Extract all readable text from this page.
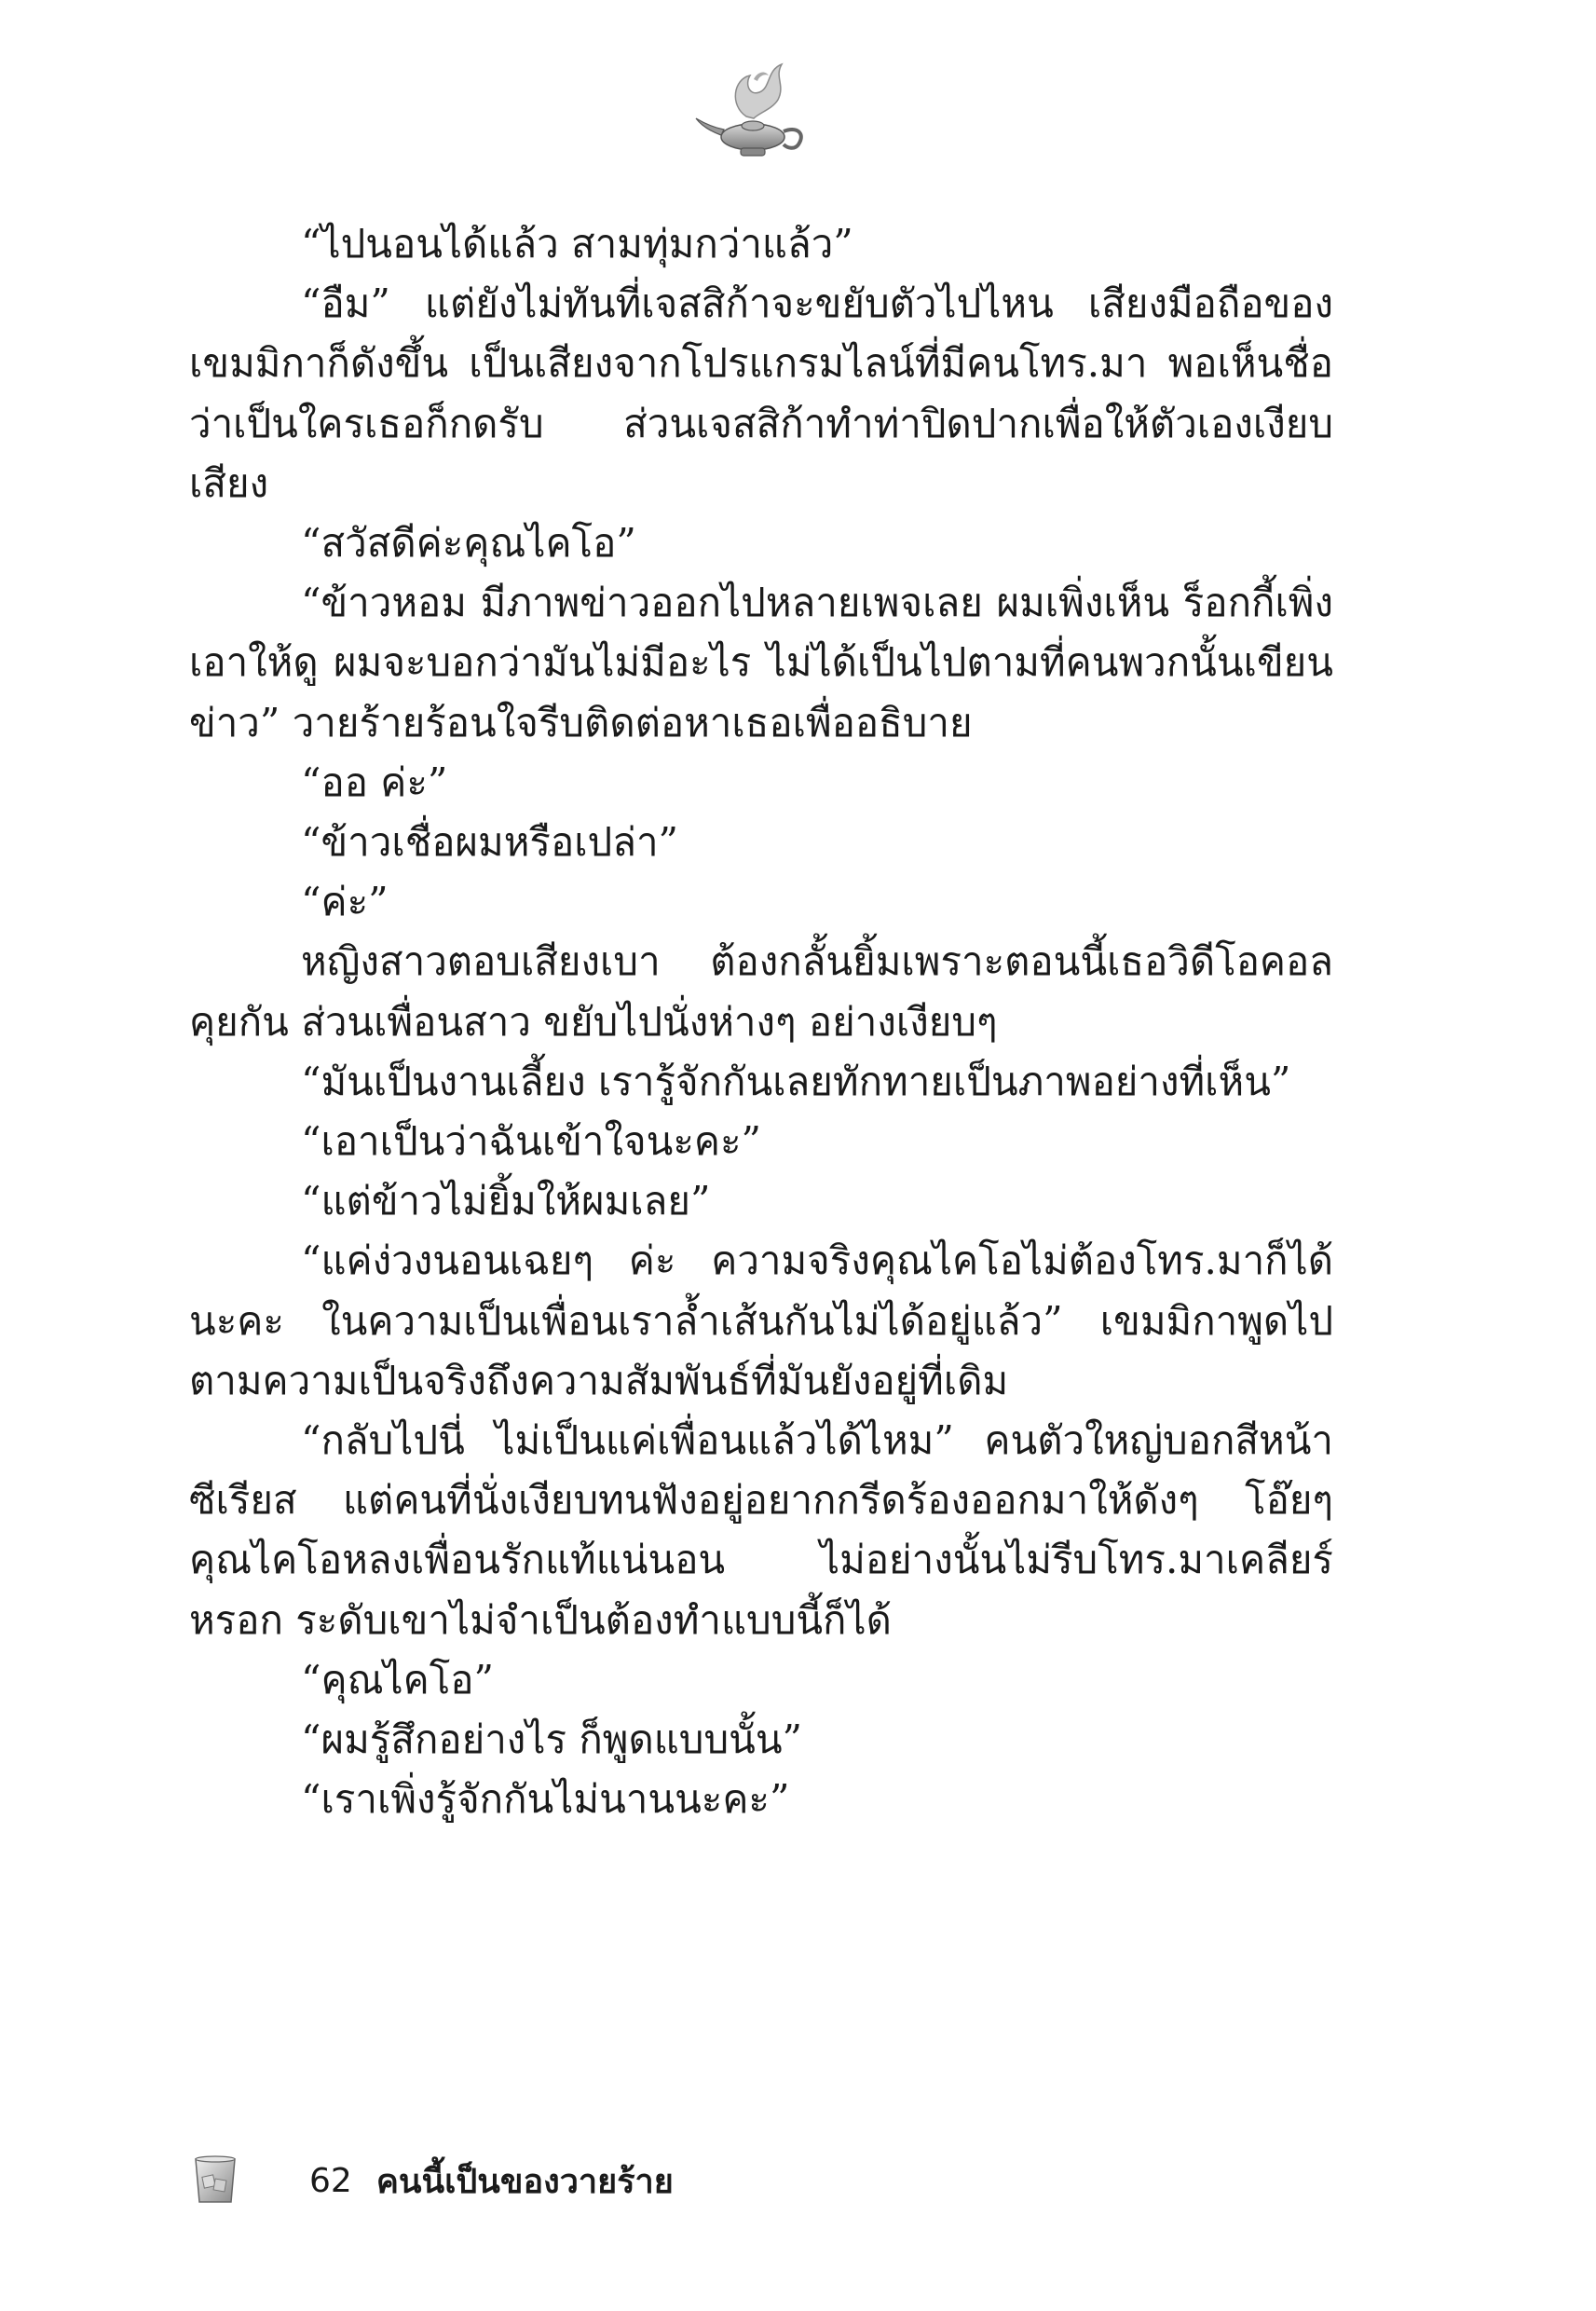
“ไปนอนได้แล้ว สามทุ่มกว่าแล้ว”

“อืม” แต่ยังไม่ทันที่เจสสิก้าจะขยับตัวไปไหน เสียงมือถือของเขมมิกาก็ดังขึ้น เป็นเสียงจากโปรแกรมไลน์ที่มีคนโทร.มา พอเห็นชื่อว่าเป็นใครเธอก็กดรับ ส่วนเจสสิก้าทำท่าปิดปากเพื่อให้ตัวเองเงียบเสียง

“สวัสดีค่ะคุณไคโอ”

“ข้าวหอม มีภาพข่าวออกไปหลายเพจเลย ผมเพิ่งเห็น ร็อกกี้เพิ่งเอาให้ดู ผมจะบอกว่ามันไม่มีอะไร ไม่ได้เป็นไปตามที่คนพวกนั้นเขียนข่าว” วายร้ายร้อนใจรีบติดต่อหาเธอเพื่ออธิบาย

“ออ ค่ะ”

“ข้าวเชื่อผมหรือเปล่า”

“ค่ะ”

หญิงสาวตอบเสียงเบา ต้องกลั้นยิ้มเพราะตอนนี้เธอวิดีโอคอลคุยกัน ส่วนเพื่อนสาว ขยับไปนั่งห่างๆ อย่างเงียบๆ

“มันเป็นงานเลี้ยง เรารู้จักกันเลยทักทายเป็นภาพอย่างที่เห็น”

“เอาเป็นว่าฉันเข้าใจนะคะ”

“แต่ข้าวไม่ยิ้มให้ผมเลย”

“แค่ง่วงนอนเฉยๆ ค่ะ ความจริงคุณไคโอไม่ต้องโทร.มาก็ได้นะคะ ในความเป็นเพื่อนเราล้ำเส้นกันไม่ได้อยู่แล้ว” เขมมิกาพูดไปตามความเป็นจริงถึงความสัมพันธ์ที่มันยังอยู่ที่เดิม

“กลับไปนี่ ไม่เป็นแค่เพื่อนแล้วได้ไหม” คนตัวใหญ่บอกสีหน้าซีเรียส แต่คนที่นั่งเงียบทนฟังอยู่อยากกรีดร้องออกมาให้ดังๆ โอ๊ยๆ คุณไคโอหลงเพื่อนรักแท้แน่นอน ไม่อย่างนั้นไม่รีบโทร.มาเคลียร์หรอก ระดับเขาไม่จำเป็นต้องทำแบบนี้ก็ได้

“คุณไคโอ”

“ผมรู้สึกอย่างไร ก็พูดแบบนั้น”

“เราเพิ่งรู้จักกันไม่นานนะคะ”

62 คนนี้เป็นของวายร้าย
